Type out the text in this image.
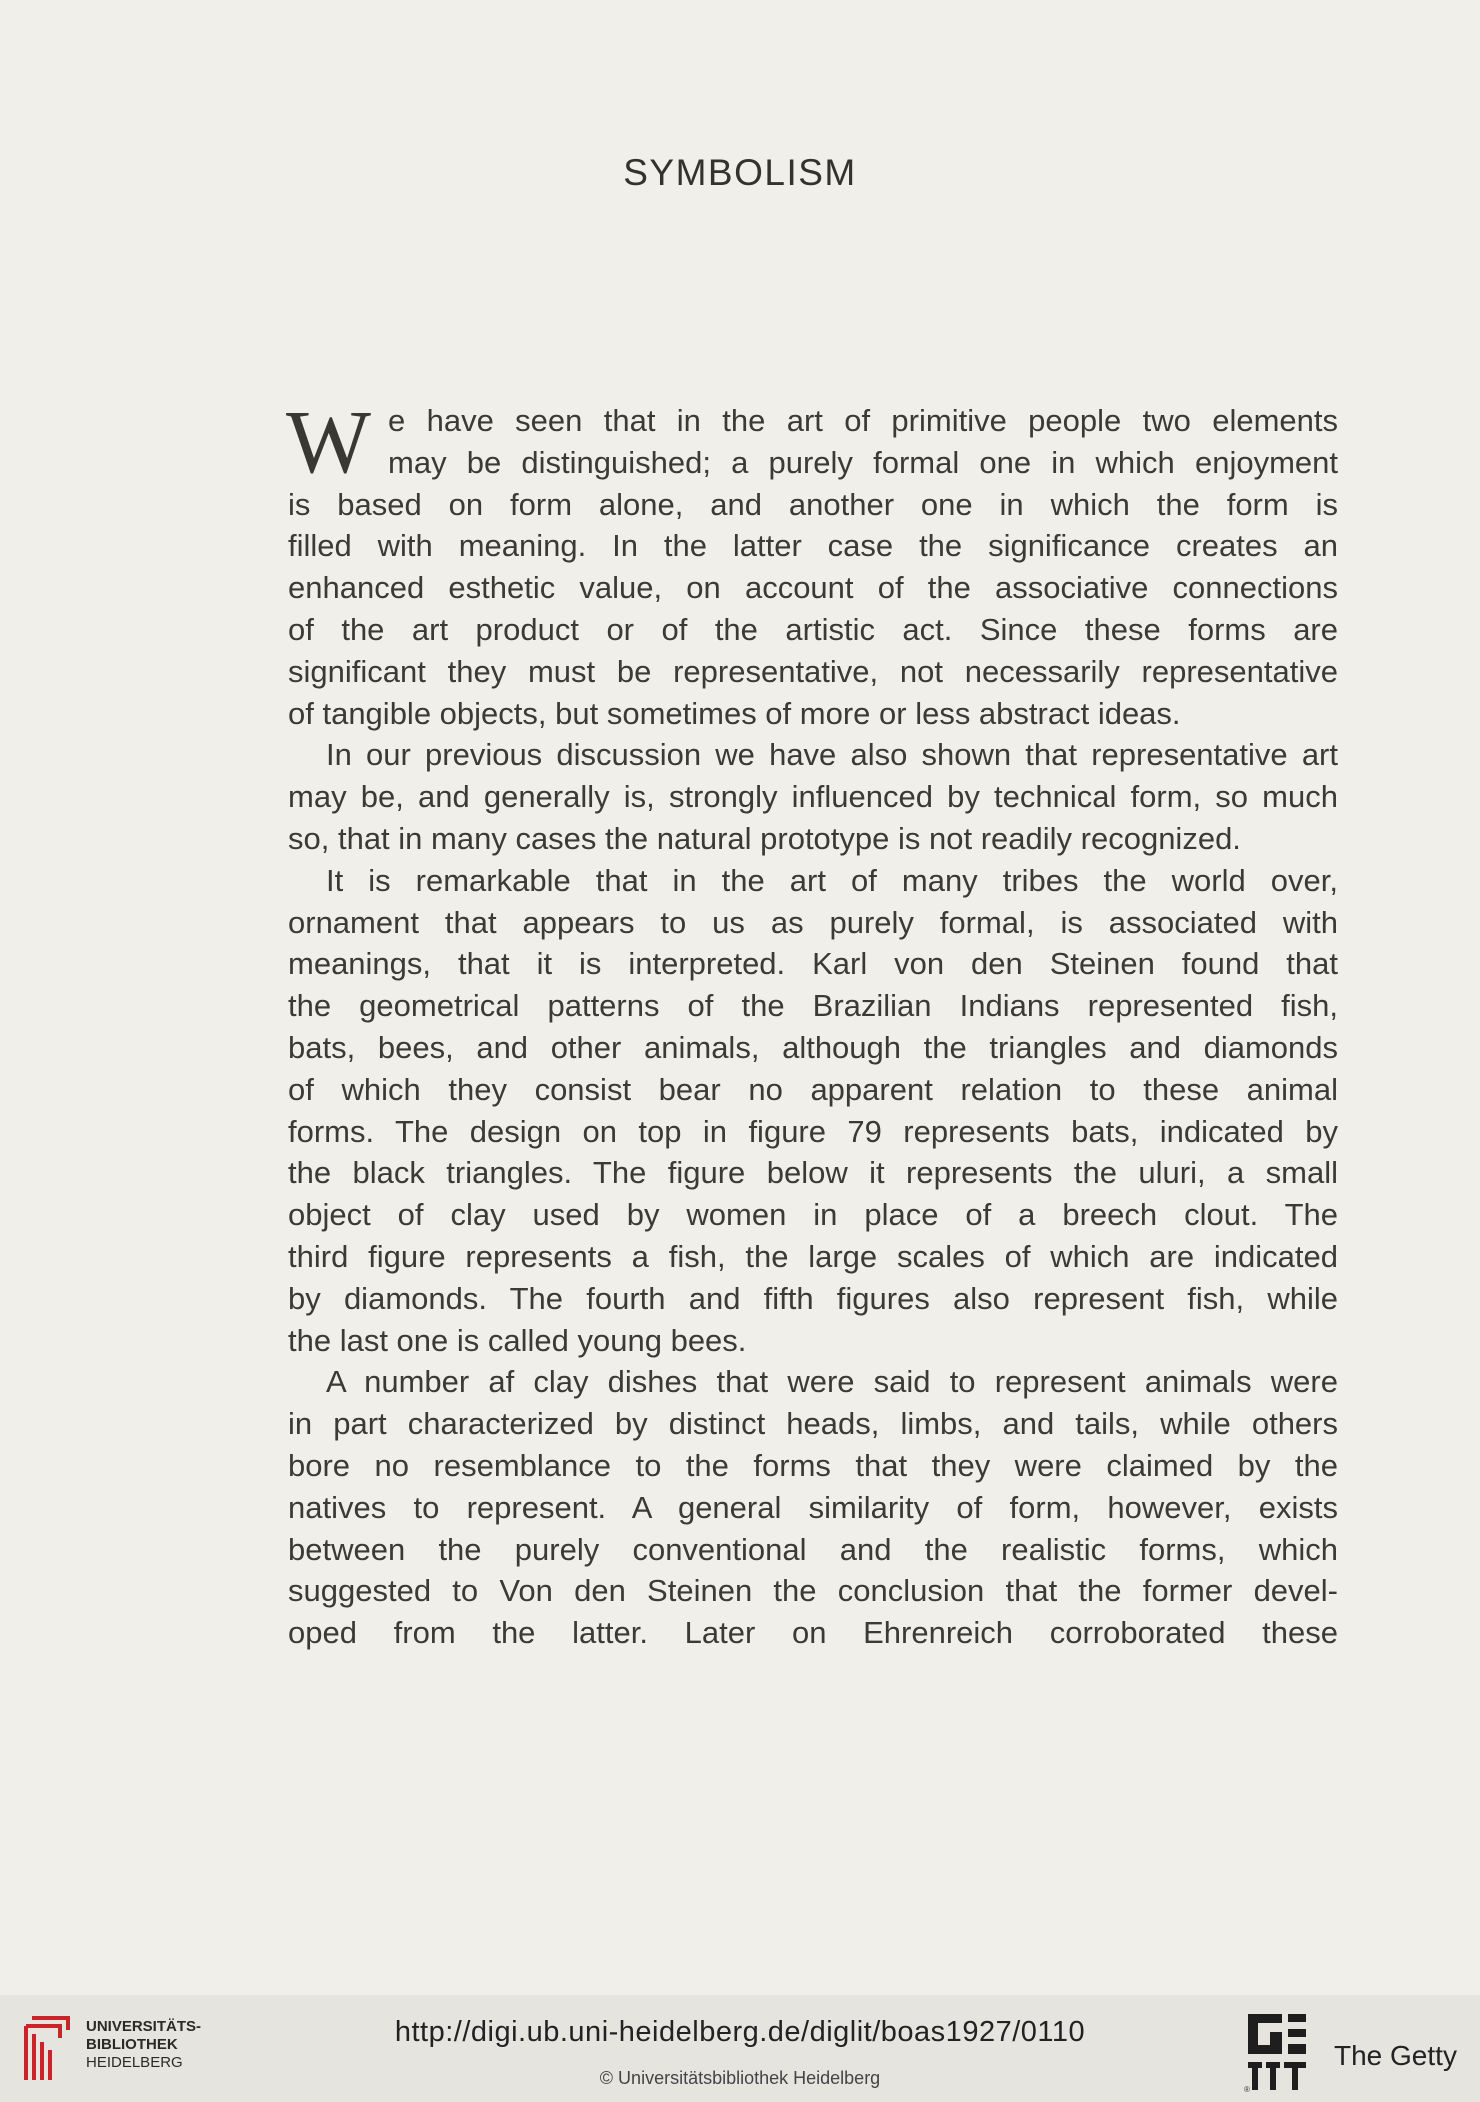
SYMBOLISM
W e have seen that in the art of primitive people two elements
may be distinguished; a purely formal one in which enjoyment
is based on form alone, and another one in which the form is
filled with meaning. In the latter case the significance creates an
enhanced esthetic value, on account of the associative connections
of the art product or of the artistic act. Since these forms are
significant they must be representative, not necessarily representative
of tangible objects, but sometimes of more or less abstract ideas.
In our previous discussion we have also shown that representative art
may be, and generally is, strongly influenced by technical form, so much
so, that in many cases the natural prototype is not readily recognized.
It is remarkable that in the art of many tribes the world over,
ornament that appears to us as purely formal, is associated with
meanings, that it is interpreted. Karl von den Steinen found that
the geometrical patterns of the Brazilian Indians represented fish,
bats, bees, and other animals, although the triangles and diamonds
of which they consist bear no apparent relation to these animal
forms. The design on top in figure 79 represents bats, indicated by
the black triangles. The figure below it represents the uluri, a small
object of clay used by women in place of a breech clout. The
third figure represents a fish, the large scales of which are indicated
by diamonds. The fourth and fifth figures also represent fish, while
the last one is called young bees.
A number af clay dishes that were said to represent animals were
in part characterized by distinct heads, limbs, and tails, while others
bore no resemblance to the forms that they were claimed by the
natives to represent. A general similarity of form, however, exists
between the purely conventional and the realistic forms, which
suggested to Von den Steinen the conclusion that the former devel-
oped from the latter. Later on Ehrenreich corroborated these
UNIVERSITÄTS-
BIBLIOTHEK
HEIDELBERG
http://digi.ub.uni-heidelberg.de/diglit/boas1927/0110
© Universitätsbibliothek Heidelberg
®
The Getty
